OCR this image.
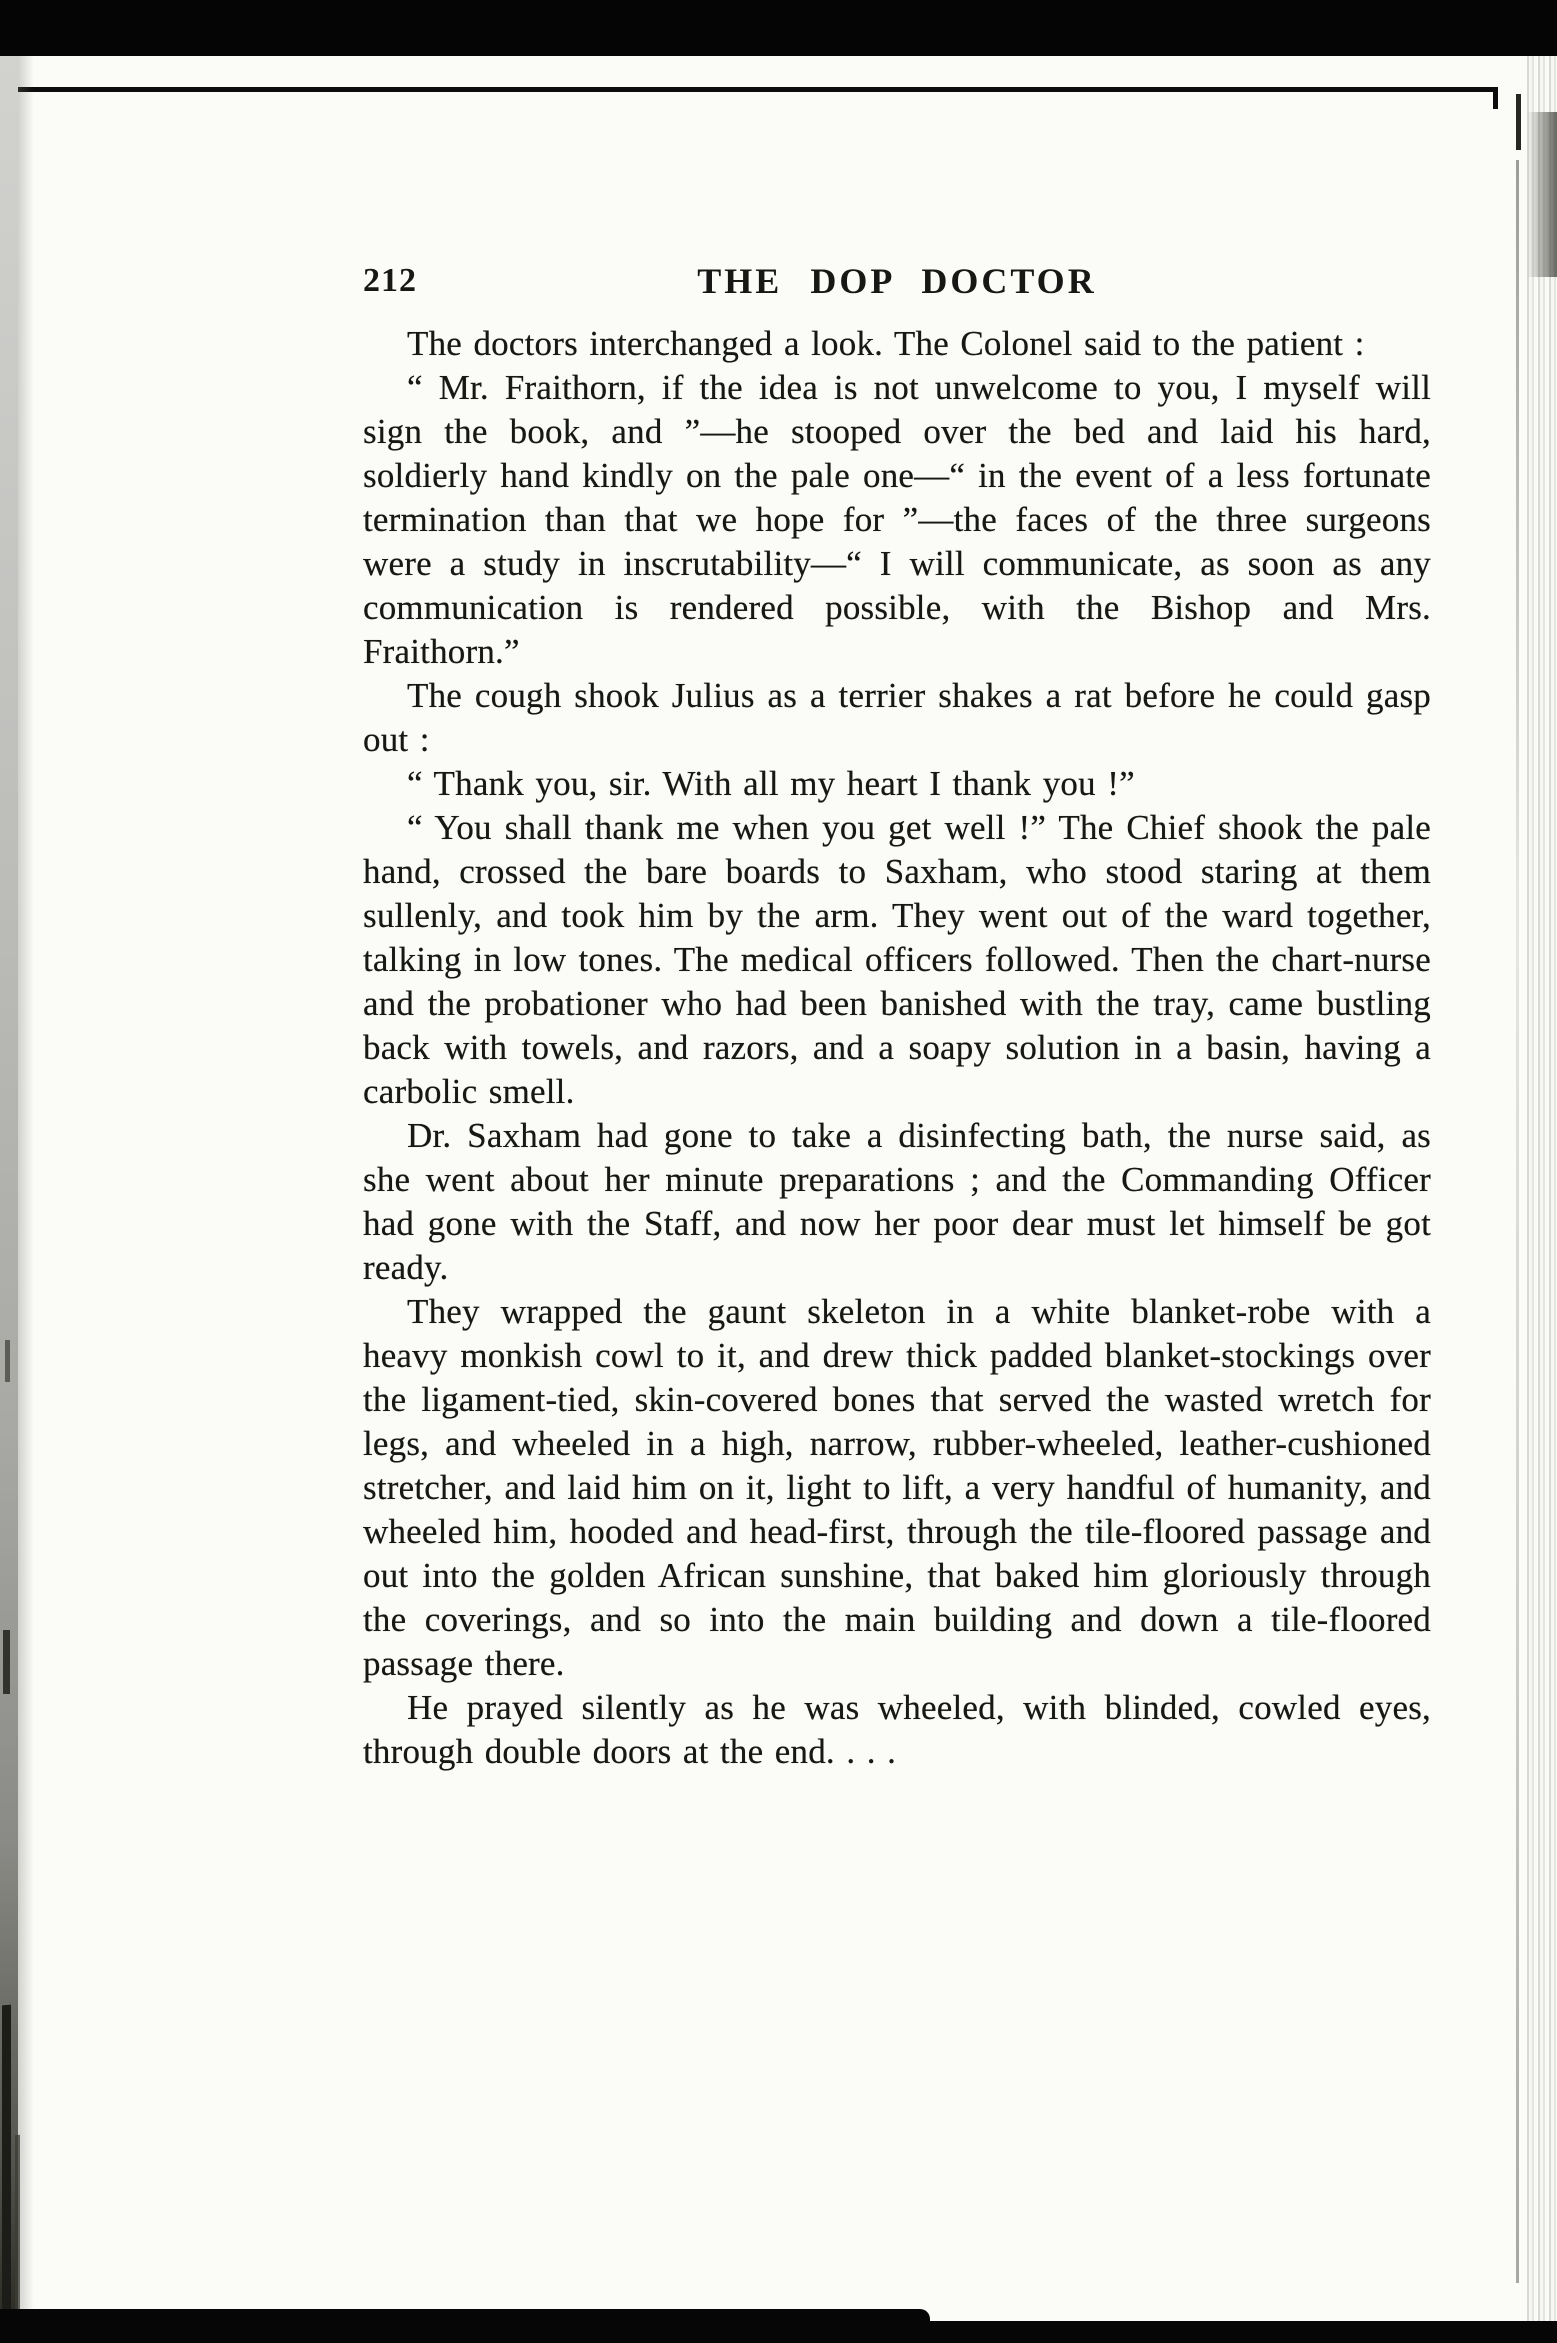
212	THE DOP DOCTOR

The doctors interchanged a look. The Colonel said to the patient :

“ Mr. Fraithorn, if the idea is not unwelcome to you, I myself will sign the book, and ”—he stooped over the bed and laid his hard, soldierly hand kindly on the pale one—“ in the event of a less fortunate termination than that we hope for ”—the faces of the three surgeons were a study in inscrutability—“ I will communicate, as soon as any communication is rendered possible, with the Bishop and Mrs. Fraithorn.”

The cough shook Julius as a terrier shakes a rat before he could gasp out :

“ Thank you, sir. With all my heart I thank you !”

“ You shall thank me when you get well !” The Chief shook the pale hand, crossed the bare boards to Saxham, who stood staring at them sullenly, and took him by the arm. They went out of the ward together, talking in low tones. The medical officers followed. Then the chart-nurse and the probationer who had been banished with the tray, came bustling back with towels, and razors, and a soapy solution in a basin, having a carbolic smell.

Dr. Saxham had gone to take a disinfecting bath, the nurse said, as she went about her minute preparations ; and the Commanding Officer had gone with the Staff, and now her poor dear must let himself be got ready.

They wrapped the gaunt skeleton in a white blanket-robe with a heavy monkish cowl to it, and drew thick padded blanket-stockings over the ligament-tied, skin-covered bones that served the wasted wretch for legs, and wheeled in a high, narrow, rubber-wheeled, leather-cushioned stretcher, and laid him on it, light to lift, a very handful of humanity, and wheeled him, hooded and head-first, through the tile-floored passage and out into the golden African sunshine, that baked him gloriously through the coverings, and so into the main building and down a tile-floored passage there.

He prayed silently as he was wheeled, with blinded, cowled eyes, through double doors at the end. . . .
